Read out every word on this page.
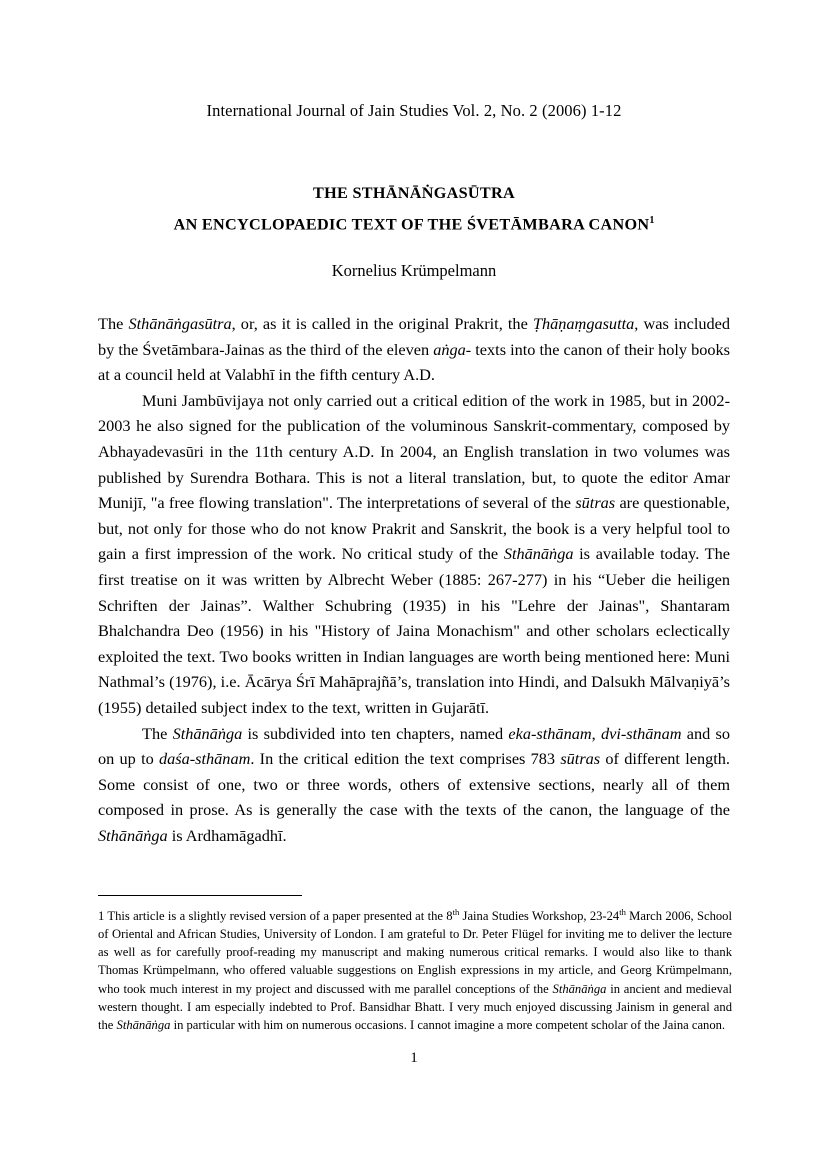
International Journal of Jain Studies Vol. 2, No. 2 (2006) 1-12
THE STHĀNĀṄGASŪTRA
AN ENCYCLOPAEDIC TEXT OF THE ŚVETĀMBARA CANON$^1$
Kornelius Krümpelmann

The Sthānāṅgasūtra, or, as it is called in the original Prakrit, the Ṭhāṇaṃgasutta, was included by the Śvetāmbara-Jainas as the third of the eleven aṅga- texts into the canon of their holy books at a council held at Valabhī in the fifth century A.D.

Muni Jambūvijaya not only carried out a critical edition of the work in 1985, but in 2002-2003 he also signed for the publication of the voluminous Sanskrit-commentary, composed by Abhayadevasūri in the 11th century A.D. In 2004, an English translation in two volumes was published by Surendra Bothara. This is not a literal translation, but, to quote the editor Amar Munijī, "a free flowing translation". The interpretations of several of the sūtras are questionable, but, not only for those who do not know Prakrit and Sanskrit, the book is a very helpful tool to gain a first impression of the work. No critical study of the Sthānāṅga is available today. The first treatise on it was written by Albrecht Weber (1885: 267-277) in his “Ueber die heiligen Schriften der Jainas”. Walther Schubring (1935) in his "Lehre der Jainas", Shantaram Bhalchandra Deo (1956) in his "History of Jaina Monachism" and other scholars eclectically exploited the text. Two books written in Indian languages are worth being mentioned here: Muni Nathmal’s (1976), i.e. Ācārya Śrī Mahāprajñā’s, translation into Hindi, and Dalsukh Mālvaṇiyā’s (1955) detailed subject index to the text, written in Gujarātī.

The Sthānāṅga is subdivided into ten chapters, named eka-sthānam, dvi-sthānam and so on up to daśa-sthānam. In the critical edition the text comprises 783 sūtras of different length. Some consist of one, two or three words, others of extensive sections, nearly all of them composed in prose. As is generally the case with the texts of the canon, the language of the Sthānāṅga is Ardhamāgadhī.

1 This article is a slightly revised version of a paper presented at the 8th Jaina Studies Workshop, 23-24th March 2006, School of Oriental and African Studies, University of London. I am grateful to Dr. Peter Flügel for inviting me to deliver the lecture as well as for carefully proof-reading my manuscript and making numerous critical remarks. I would also like to thank Thomas Krümpelmann, who offered valuable suggestions on English expressions in my article, and Georg Krümpelmann, who took much interest in my project and discussed with me parallel conceptions of the Sthānāṅga in ancient and medieval western thought. I am especially indebted to Prof. Bansidhar Bhatt. I very much enjoyed discussing Jainism in general and the Sthānāṅga in particular with him on numerous occasions. I cannot imagine a more competent scholar of the Jaina canon.

1
